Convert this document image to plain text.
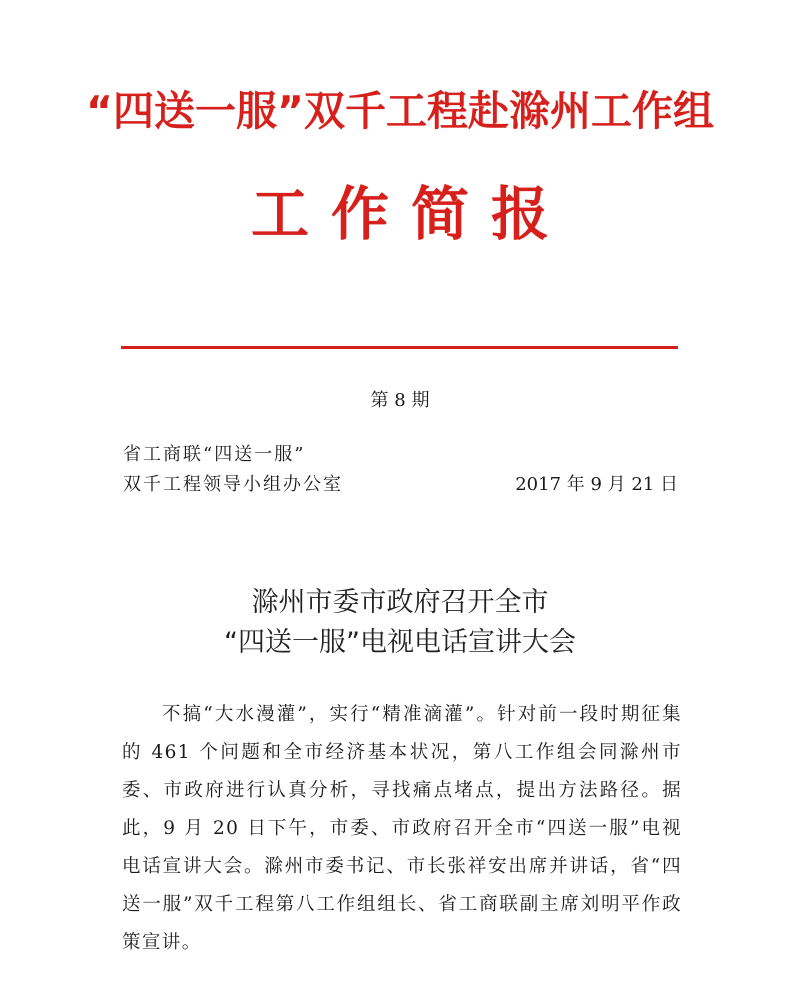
“四送一服”双千工程赴滁州工作组
工作简报
第 8 期
省工商联“四送一服”
双千工程领导小组办公室	2017 年 9 月 21 日
滁州市委市政府召开全市
“四送一服”电视电话宣讲大会
不搞“大水漫灌”，实行“精准滴灌”。针对前一段时期征集的 461 个问题和全市经济基本状况，第八工作组会同滁州市委、市政府进行认真分析，寻找痛点堵点，提出方法路径。据此，9 月 20 日下午，市委、市政府召开全市“四送一服”电视电话宣讲大会。滁州市委书记、市长张祥安出席并讲话，省“四送一服”双千工程第八工作组组长、省工商联副主席刘明平作政策宣讲。
